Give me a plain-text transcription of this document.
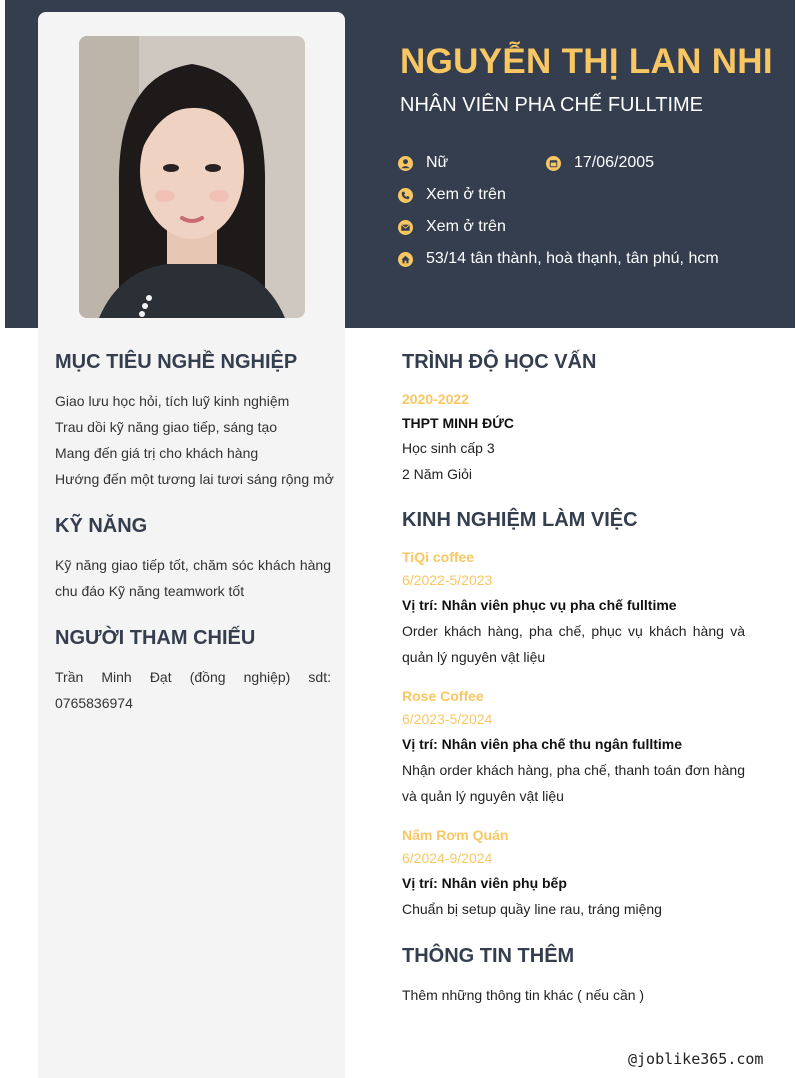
NGUYỄN THỊ LAN NHI
NHÂN VIÊN PHA CHẾ FULLTIME
Nữ	17/06/2005
Xem ở trên
Xem ở trên
53/14 tân thành, hoà thạnh, tân phú, hcm
MỤC TIÊU NGHỀ NGHIỆP

Giao lưu học hỏi, tích luỹ kinh nghiệm

Trau dồi kỹ năng giao tiếp, sáng tạo

Mang đến giá trị cho khách hàng

Hướng đến một tương lai tươi sáng rộng mở

KỸ NĂNG
Kỹ năng giao tiếp tốt, chăm sóc khách hàng chu đáo Kỹ năng teamwork tốt
NGƯỜI THAM CHIẾU
Trần Minh Đạt (đồng nghiệp) sdt: 0765836974
TRÌNH ĐỘ HỌC VẤN
2020-2022
THPT MINH ĐỨC
Học sinh cấp 3
2 Năm Giỏi
KINH NGHIỆM LÀM VIỆC
TiQi coffee
6/2022-5/2023
Vị trí: Nhân viên phục vụ pha chế fulltime
Order khách hàng, pha chế, phục vụ khách hàng và quản lý nguyên vật liệu
Rose Coffee
6/2023-5/2024
Vị trí: Nhân viên pha chế thu ngân fulltime
Nhận order khách hàng, pha chế, thanh toán đơn hàng và quản lý nguyên vật liệu
Nấm Rơm Quán
6/2024-9/2024
Vị trí: Nhân viên phụ bếp
Chuẩn bị setup quầy line rau, tráng miệng
THÔNG TIN THÊM
Thêm những thông tin khác ( nếu cần )
@joblike365.com
